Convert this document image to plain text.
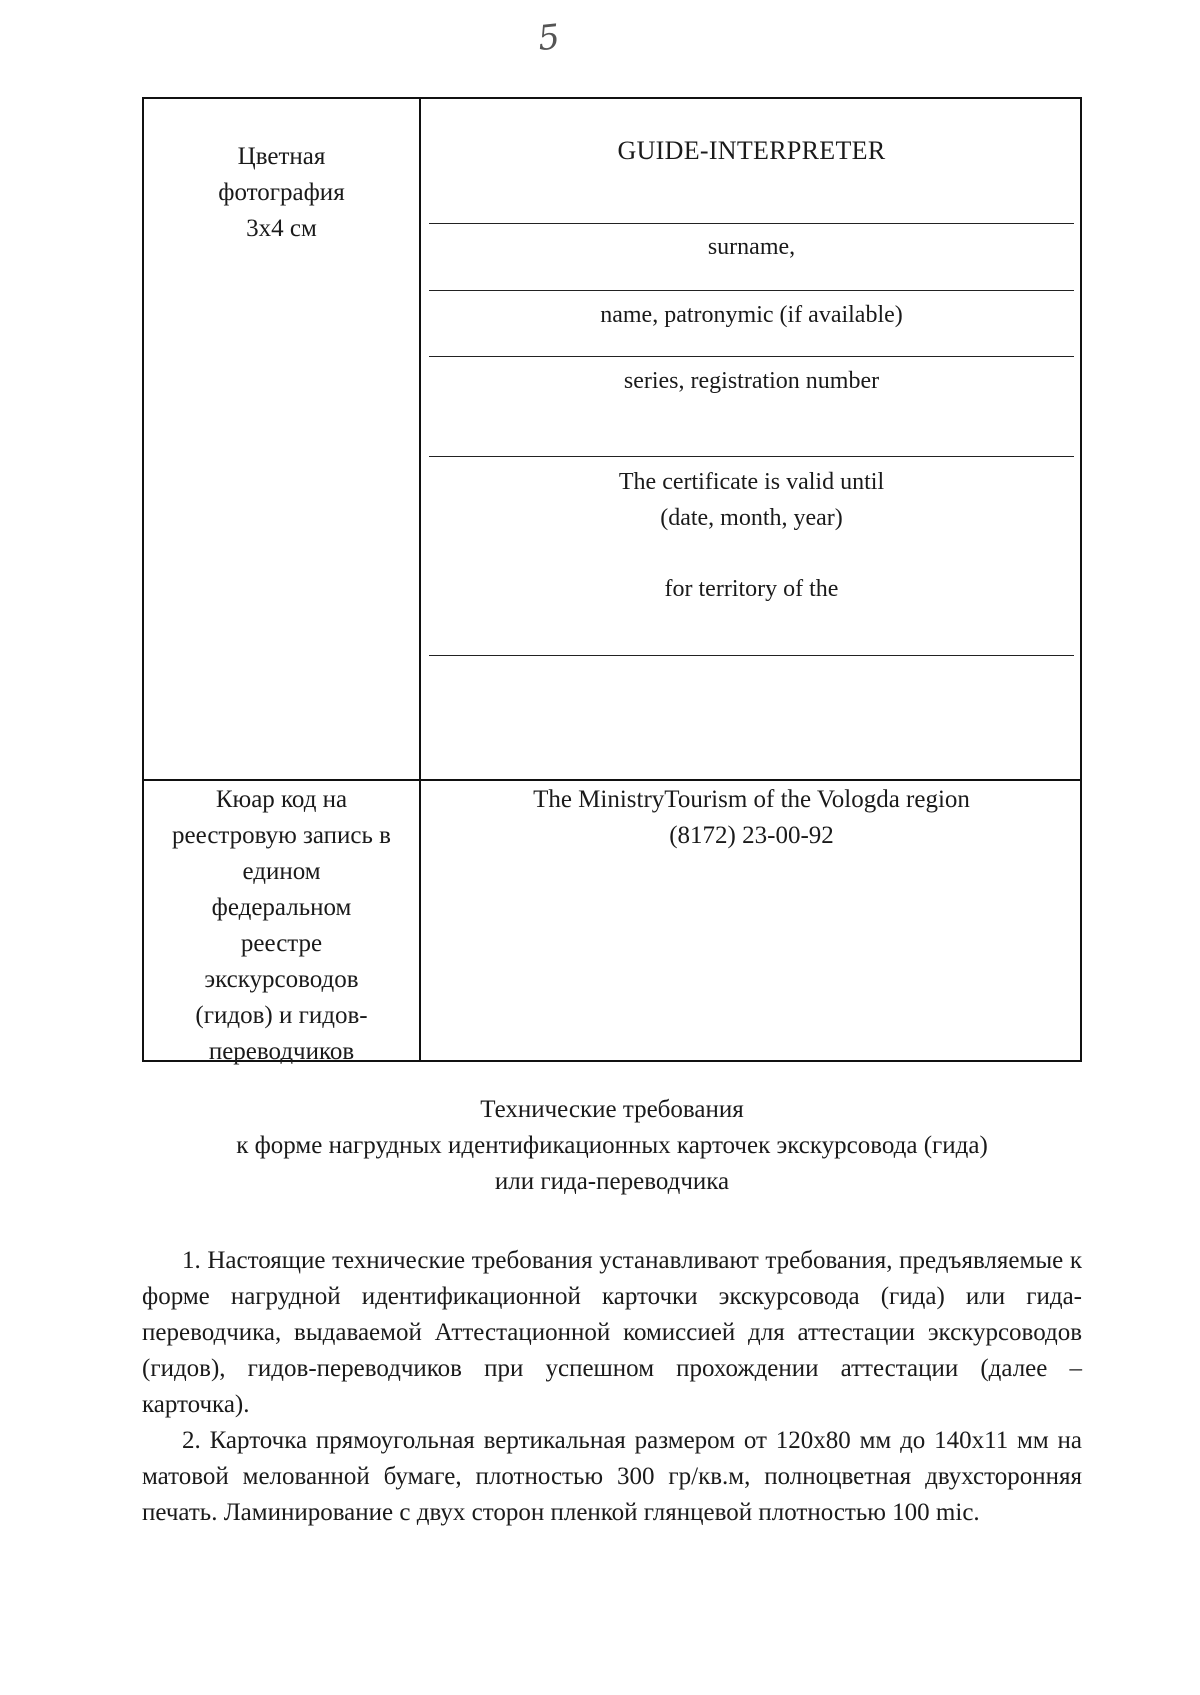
5
Цветная
фотография
3x4 см
GUIDE-INTERPRETER
surname,
name, patronymic (if available)
series, registration number
The certificate is valid until
(date, month, year)
for territory of the
Кюар код на
реестровую запись в
едином
федеральном
реестре
экскурсоводов
(гидов) и гидов-
переводчиков
The MinistryTourism of the Vologda region
(8172) 23-00-92
Технические требования
к форме нагрудных идентификационных карточек экскурсовода (гида)
или гида-переводчика

1. Настоящие технические требования устанавливают требования, предъявляемые к форме нагрудной идентификационной карточки экскурсовода (гида) или гида-переводчика, выдаваемой Аттестационной комиссией для аттестации экскурсоводов (гидов), гидов-переводчиков при успешном прохождении аттестации (далее – карточка).

2. Карточка прямоугольная вертикальная размером от 120x80 мм до 140x11 мм на матовой мелованной бумаге, плотностью 300 гр/кв.м, полноцветная двухсторонняя печать. Ламинирование с двух сторон пленкой глянцевой плотностью 100 mic.
